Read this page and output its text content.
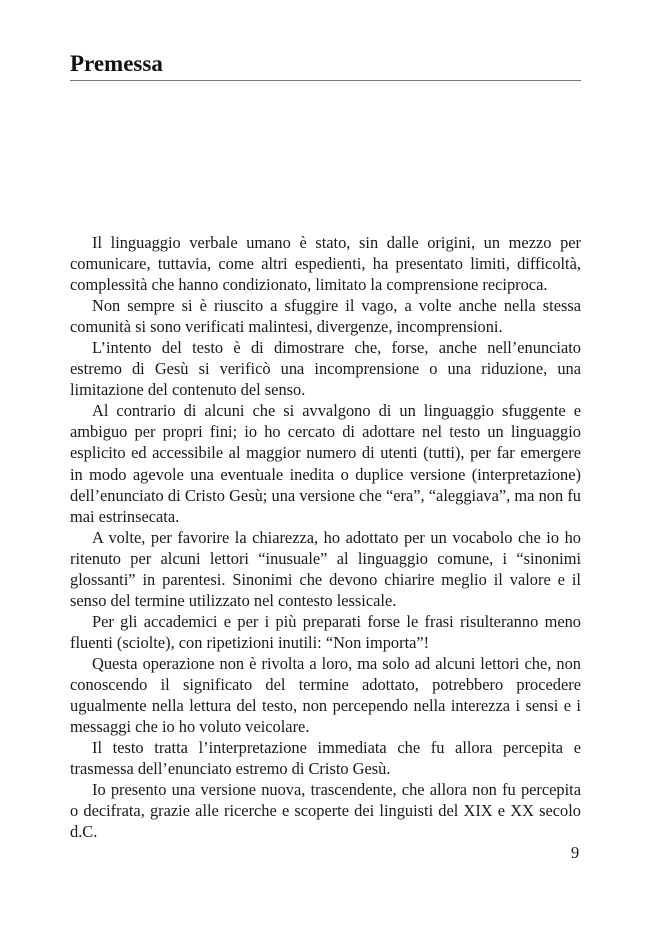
Premessa

Il linguaggio verbale umano è stato, sin dalle origini, un mezzo per comunicare, tuttavia, come altri espedienti, ha presentato limiti, difficoltà, complessità che hanno condizionato, limitato la comprensione reciproca.

Non sempre si è riuscito a sfuggire il vago, a volte anche nella stessa comunità si sono verificati malintesi, divergenze, incomprensioni.

L’intento del testo è di dimostrare che, forse, anche nell’enunciato estremo di Gesù si verificò una incomprensione o una riduzione, una limitazione del contenuto del senso.

Al contrario di alcuni che si avvalgono di un linguaggio sfuggente e ambiguo per propri fini; io ho cercato di adottare nel testo un linguaggio esplicito ed accessibile al maggior numero di utenti (tutti), per far emergere in modo agevole una eventuale inedita o duplice versione (interpretazione) dell’enunciato di Cristo Gesù; una versione che “era”, “aleggiava”, ma non fu mai estrinsecata.

A volte, per favorire la chiarezza, ho adottato per un vocabolo che io ho ritenuto per alcuni lettori “inusuale” al linguaggio comune, i “sinonimi glossanti” in parentesi. Sinonimi che devono chiarire meglio il valore e il senso del termine utilizzato nel contesto lessicale.

Per gli accademici e per i più preparati forse le frasi risulteranno meno fluenti (sciolte), con ripetizioni inutili: “Non importa”!

Questa operazione non è rivolta a loro, ma solo ad alcuni lettori che, non conoscendo il significato del termine adottato, potrebbero procedere ugualmente nella lettura del testo, non percependo nella interezza i sensi e i messaggi che io ho voluto veicolare.

Il testo tratta l’interpretazione immediata che fu allora percepita e trasmessa dell’enunciato estremo di Cristo Gesù.

Io presento una versione nuova, trascendente, che allora non fu percepita o decifrata, grazie alle ricerche e scoperte dei linguisti del XIX e XX secolo d.C.

9
